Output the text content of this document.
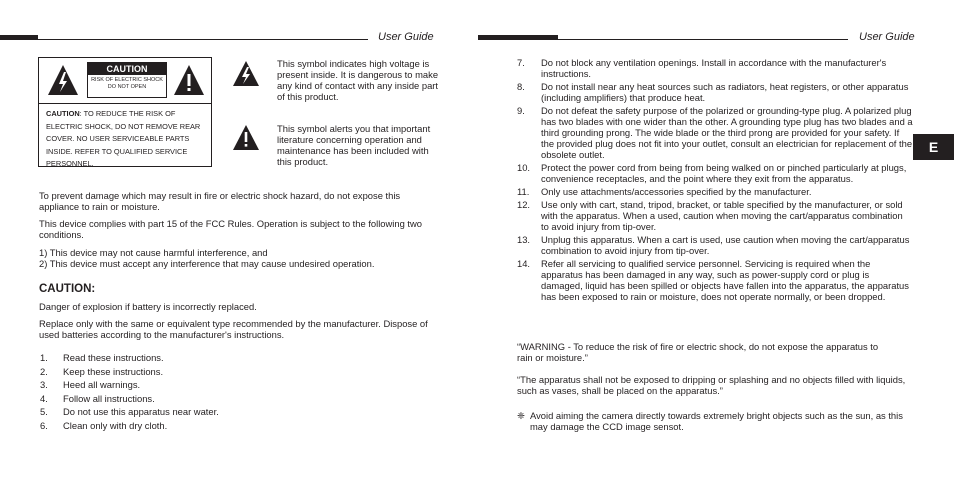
User Guide
CAUTION
RISK OF ELECTRIC SHOCK DO NOT OPEN
CAUTION: TO REDUCE THE RISK OF ELECTRIC SHOCK, DO NOT REMOVE REAR COVER. NO USER SERVICEABLE PARTS INSIDE. REFER TO QUALIFIED SERVICE PERSONNEL.

This symbol indicates high voltage is present inside. It is dangerous to make any kind of contact with any inside part of this product.

This symbol alerts you that important literature concerning operation and maintenance has been included with this product.

To prevent damage which may result in fire or electric shock hazard, do not expose this appliance to rain or moisture.

This device complies with part 15 of the FCC Rules. Operation is subject to the following two conditions.

1) This device may not cause harmful interference, and

2) This device must accept any interference that may cause undesired operation.

CAUTION:

Danger of explosion if battery is incorrectly replaced.

Replace only with the same or equivalent type recommended by the manufacturer. Dispose of used batteries according to the manufacturer's instructions.

1. Read these instructions.
2. Keep these instructions.
3. Heed all warnings.
4. Follow all instructions.
5. Do not use this apparatus near water.
6. Clean only with dry cloth.
User Guide
7. Do not block any ventilation openings. Install in accordance with the manufacturer's instructions.
8. Do not install near any heat sources such as radiators, heat registers, or other apparatus (including amplifiers) that produce heat.
9. Do not defeat the safety purpose of the polarized or grounding-type plug. A polarized plug has two blades with one wider than the other. A grounding type plug has two blades and a third grounding prong. The wide blade or the third prong are provided for your safety. If the provided plug does not fit into your outlet, consult an electrician for replacement of the obsolete outlet.
10. Protect the power cord from being from being walked on or pinched particularly at plugs, convenience receptacles, and the point where they exit from the apparatus.
11. Only use attachments/accessories specified by the manufacturer.
12. Use only with cart, stand, tripod, bracket, or table specified by the manufacturer, or sold with the apparatus. When a used, caution when moving the cart/apparatus combination to avoid injury from tip-over.
13. Unplug this apparatus. When a cart is used, use caution when moving the cart/apparatus combination to avoid injury from tip-over.
14. Refer all servicing to qualified service personnel. Servicing is required when the apparatus has been damaged in any way, such as power-supply cord or plug is damaged, liquid has been spilled or objects have fallen into the apparatus, the apparatus has been exposed to rain or moisture, does not operate normally, or been dropped.

“WARNING - To reduce the risk of fire or electric shock, do not expose the apparatus to rain or moisture.”

“The apparatus shall not be exposed to dripping or splashing and no objects filled with liquids, such as vases, shall be placed on the apparatus.”

❈ Avoid aiming the camera directly towards extremely bright objects such as the sun, as this may damage the CCD image sensot.

E
